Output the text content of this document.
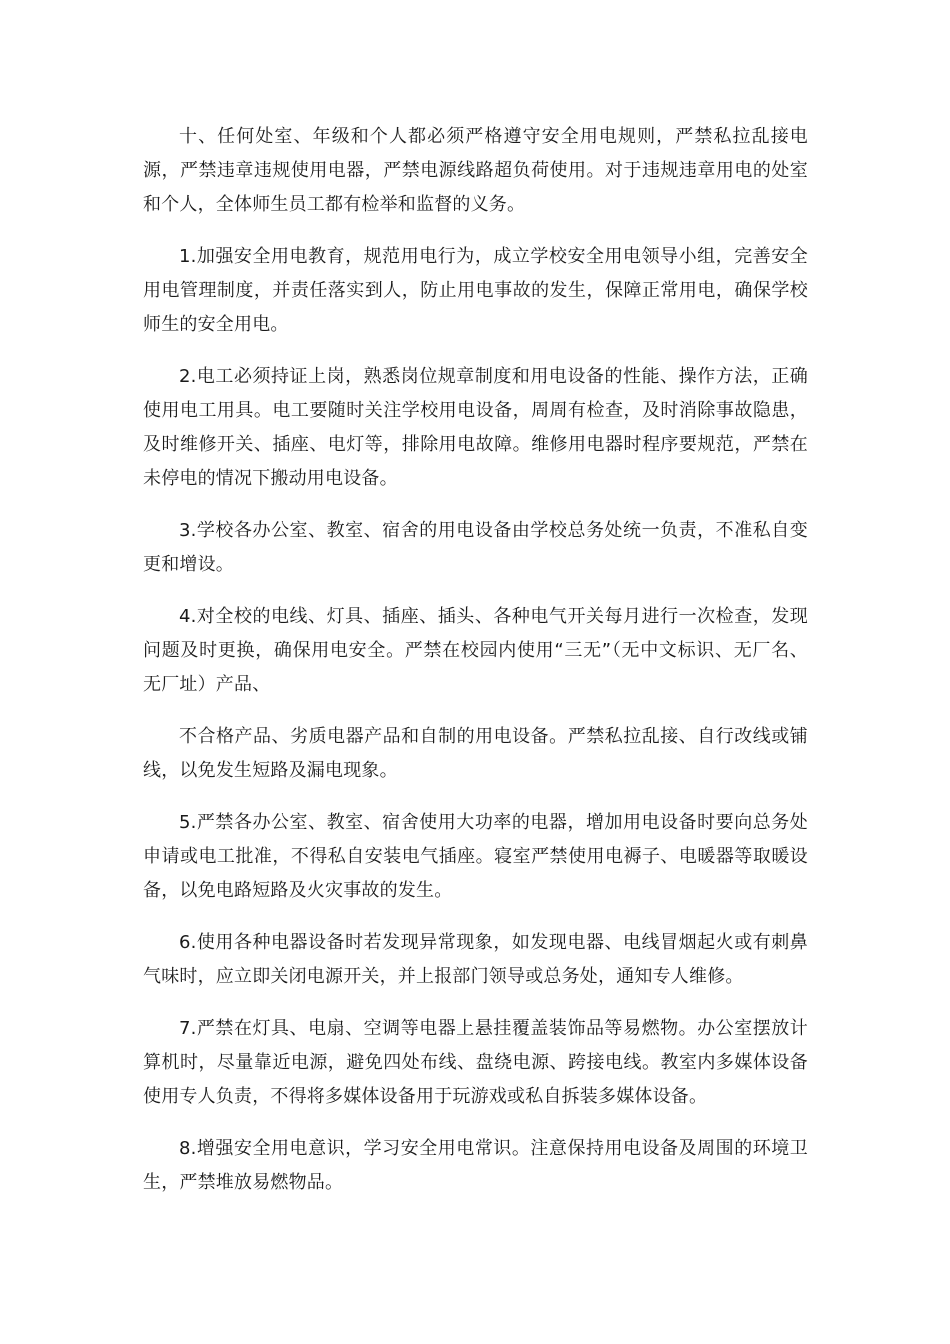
十、任何处室、年级和个人都必须严格遵守安全用电规则，严禁私拉乱接电源，严禁违章违规使用电器，严禁电源线路超负荷使用。对于违规违章用电的处室和个人，全体师生员工都有检举和监督的义务。

1.加强安全用电教育，规范用电行为，成立学校安全用电领导小组，完善安全用电管理制度，并责任落实到人，防止用电事故的发生，保障正常用电，确保学校师生的安全用电。

2.电工必须持证上岗，熟悉岗位规章制度和用电设备的性能、操作方法，正确使用电工用具。电工要随时关注学校用电设备，周周有检查，及时消除事故隐患，及时维修开关、插座、电灯等，排除用电故障。维修用电器时程序要规范，严禁在未停电的情况下搬动用电设备。

3.学校各办公室、教室、宿舍的用电设备由学校总务处统一负责，不准私自变更和增设。

4.对全校的电线、灯具、插座、插头、各种电气开关每月进行一次检查，发现问题及时更换，确保用电安全。严禁在校园内使用“三无”（无中文标识、无厂名、无厂址）产品、

不合格产品、劣质电器产品和自制的用电设备。严禁私拉乱接、自行改线或铺线，以免发生短路及漏电现象。

5.严禁各办公室、教室、宿舍使用大功率的电器，增加用电设备时要向总务处申请或电工批准，不得私自安装电气插座。寝室严禁使用电褥子、电暖器等取暖设备，以免电路短路及火灾事故的发生。

6.使用各种电器设备时若发现异常现象，如发现电器、电线冒烟起火或有刺鼻气味时，应立即关闭电源开关，并上报部门领导或总务处，通知专人维修。

7.严禁在灯具、电扇、空调等电器上悬挂覆盖装饰品等易燃物。办公室摆放计算机时，尽量靠近电源，避免四处布线、盘绕电源、跨接电线。教室内多媒体设备使用专人负责，不得将多媒体设备用于玩游戏或私自拆装多媒体设备。

8.增强安全用电意识，学习安全用电常识。注意保持用电设备及周围的环境卫生，严禁堆放易燃物品。
